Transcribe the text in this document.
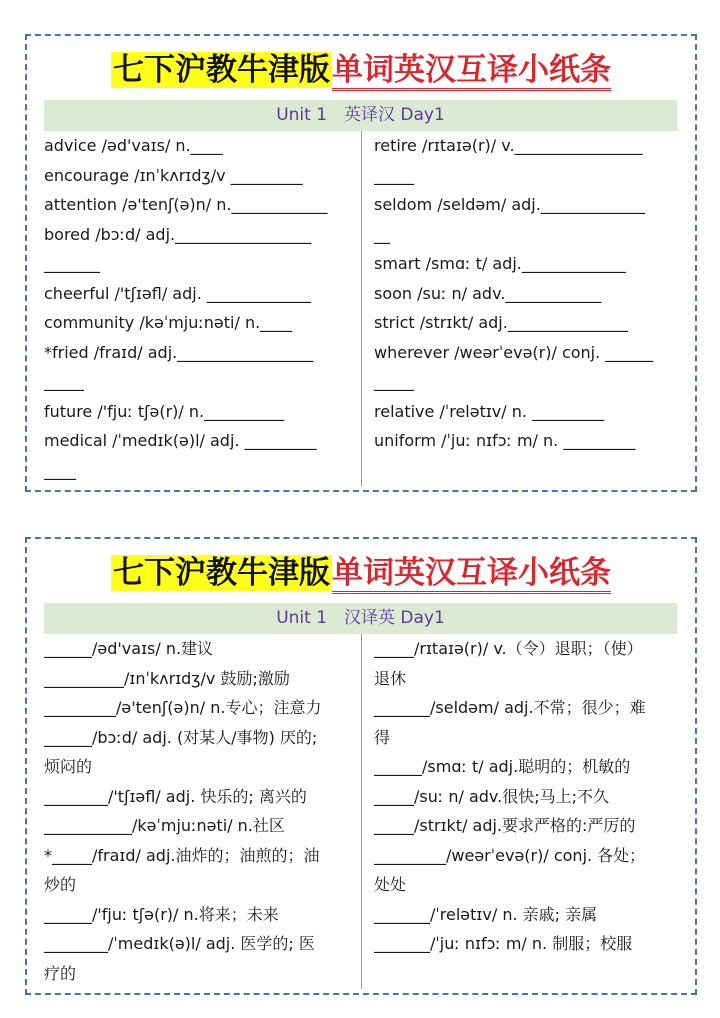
七下沪教牛津版单词英汉互译小纸条
Unit 1　英译汉 Day1
advice /əd'vaɪs/ n.____
encourage /ɪnˈkʌrɪdʒ/v _________
attention /ə'tenʃ(ə)n/ n.____________
bored /bɔːd/ adj._________________
_______
cheerful /'tʃɪəfl/ adj. _____________
community /kəˈmjuːnəti/ n.____
*fried /fraɪd/ adj._________________
_____
future /'fjuː tʃə(r)/ n.__________
medical /ˈmedɪk(ə)l/ adj. _________
____
retire /rɪtaɪə(r)/ v.________________
_____
seldom /seldəm/ adj._____________
__
smart /smɑː t/ adj._____________
soon /suː n/ adv.____________
strict /strɪkt/ adj._______________
wherever /weərˈevə(r)/ conj. ______
_____
relative /ˈrelətɪv/ n. _________
uniform /ˈjuː nɪfɔː m/ n. _________
七下沪教牛津版单词英汉互译小纸条
Unit 1　汉译英 Day1
______/əd'vaɪs/ n.建议
__________/ɪnˈkʌrɪdʒ/v 鼓励;激励
_________/ə'tenʃ(ə)n/ n.专心；注意力
______/bɔːd/ adj. (对某人/事物) 厌的;
烦闷的
________/'tʃɪəfl/ adj. 快乐的; 离兴的
___________/kəˈmjuːnəti/ n.社区
*_____/fraɪd/ adj.油炸的；油煎的；油
炒的
______/'fjuː tʃə(r)/ n.将来；未来
________/ˈmedɪk(ə)l/ adj. 医学的; 医
疗的
_____/rɪtaɪə(r)/ v.（令）退职；（使）
退休
_______/seldəm/ adj.不常；很少；难
得
______/smɑː t/ adj.聪明的；机敏的
_____/suː n/ adv.很快;马上;不久
_____/strɪkt/ adj.要求严格的:严厉的
_________/weərˈevə(r)/ conj. 各处；
处处
_______/ˈrelətɪv/ n. 亲戚; 亲属
_______/ˈjuː nɪfɔː m/ n. 制服；校服
